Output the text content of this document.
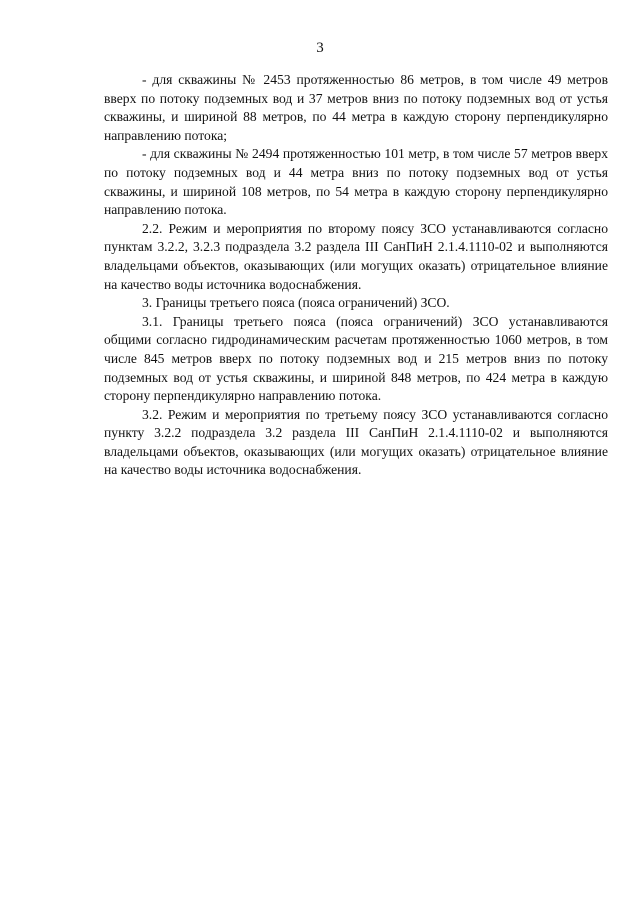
3

- для скважины № 2453 протяженностью 86 метров, в том числе 49 метров вверх по потоку подземных вод и 37 метров вниз по потоку подземных вод от устья скважины, и шириной 88 метров, по 44 метра в каждую сторону перпендикулярно направлению потока;

- для скважины № 2494 протяженностью 101 метр, в том числе 57 метров вверх по потоку подземных вод и 44 метра вниз по потоку подземных вод от устья скважины, и шириной 108 метров, по 54 метра в каждую сторону перпендикулярно направлению потока.

2.2. Режим и мероприятия по второму поясу ЗСО устанавливаются согласно пунктам 3.2.2, 3.2.3 подраздела 3.2 раздела III СанПиН 2.1.4.1110-02 и выполняются владельцами объектов, оказывающих (или могущих оказать) отрицательное влияние на качество воды источника водоснабжения.

3. Границы третьего пояса (пояса ограничений) ЗСО.

3.1. Границы третьего пояса (пояса ограничений) ЗСО устанавливаются общими согласно гидродинамическим расчетам протяженностью 1060 метров, в том числе 845 метров вверх по потоку подземных вод и 215 метров вниз по потоку подземных вод от устья скважины, и шириной 848 метров, по 424 метра в каждую сторону перпендикулярно направлению потока.

3.2. Режим и мероприятия по третьему поясу ЗСО устанавливаются согласно пункту 3.2.2 подраздела 3.2 раздела III СанПиН 2.1.4.1110-02 и выполняются владельцами объектов, оказывающих (или могущих оказать) отрицательное влияние на качество воды источника водоснабжения.
